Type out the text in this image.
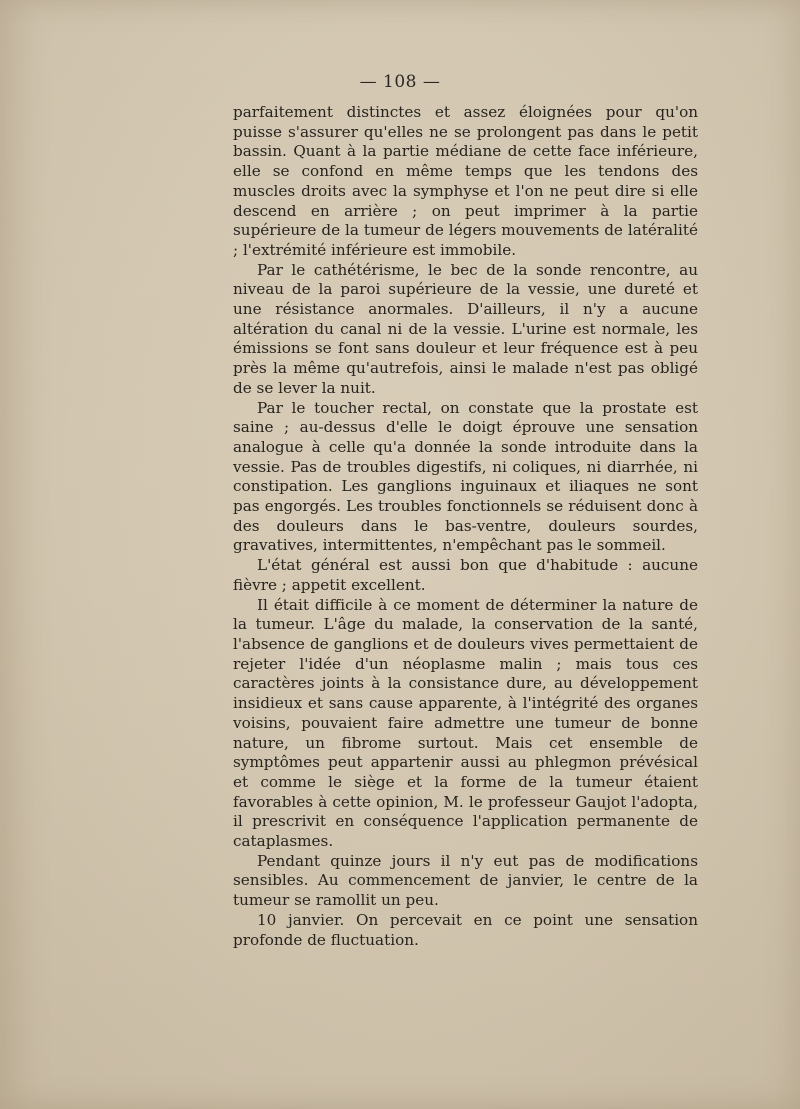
— 108 —

parfaitement distinctes et assez éloignées pour qu'on puisse s'assurer qu'elles ne se prolongent pas dans le petit bassin. Quant à la partie médiane de cette face inférieure, elle se confond en même temps que les tendons des muscles droits avec la symphyse et l'on ne peut dire si elle descend en arrière ; on peut imprimer à la partie supérieure de la tumeur de légers mouvements de latéralité ; l'extrémité inférieure est immobile.

Par le cathétérisme, le bec de la sonde rencontre, au niveau de la paroi supérieure de la vessie, une dureté et une résistance anormales. D'ailleurs, il n'y a aucune altération du canal ni de la vessie. L'urine est normale, les émissions se font sans douleur et leur fréquence est à peu près la même qu'autrefois, ainsi le malade n'est pas obligé de se lever la nuit.

Par le toucher rectal, on constate que la prostate est saine ; au-dessus d'elle le doigt éprouve une sensation analogue à celle qu'a donnée la sonde introduite dans la vessie. Pas de troubles digestifs, ni coliques, ni diarrhée, ni constipation. Les ganglions inguinaux et iliaques ne sont pas engorgés. Les troubles fonctionnels se réduisent donc à des douleurs dans le bas-ventre, douleurs sourdes, gravatives, intermittentes, n'empêchant pas le sommeil.

L'état général est aussi bon que d'habitude : aucune fièvre ; appetit excellent.

Il était difficile à ce moment de déterminer la nature de la tumeur. L'âge du malade, la conservation de la santé, l'absence de ganglions et de douleurs vives permettaient de rejeter l'idée d'un néoplasme malin ; mais tous ces caractères joints à la consistance dure, au développement insidieux et sans cause apparente, à l'intégrité des organes voisins, pouvaient faire admettre une tumeur de bonne nature, un fibrome surtout. Mais cet ensemble de symptômes peut appartenir aussi au phlegmon prévésical et comme le siège et la forme de la tumeur étaient favorables à cette opinion, M. le professeur Gaujot l'adopta, il prescrivit en conséquence l'application permanente de cataplasmes.

Pendant quinze jours il n'y eut pas de modifications sensibles. Au commencement de janvier, le centre de la tumeur se ramollit un peu.

10 janvier. On percevait en ce point une sensation profonde de fluctuation.
